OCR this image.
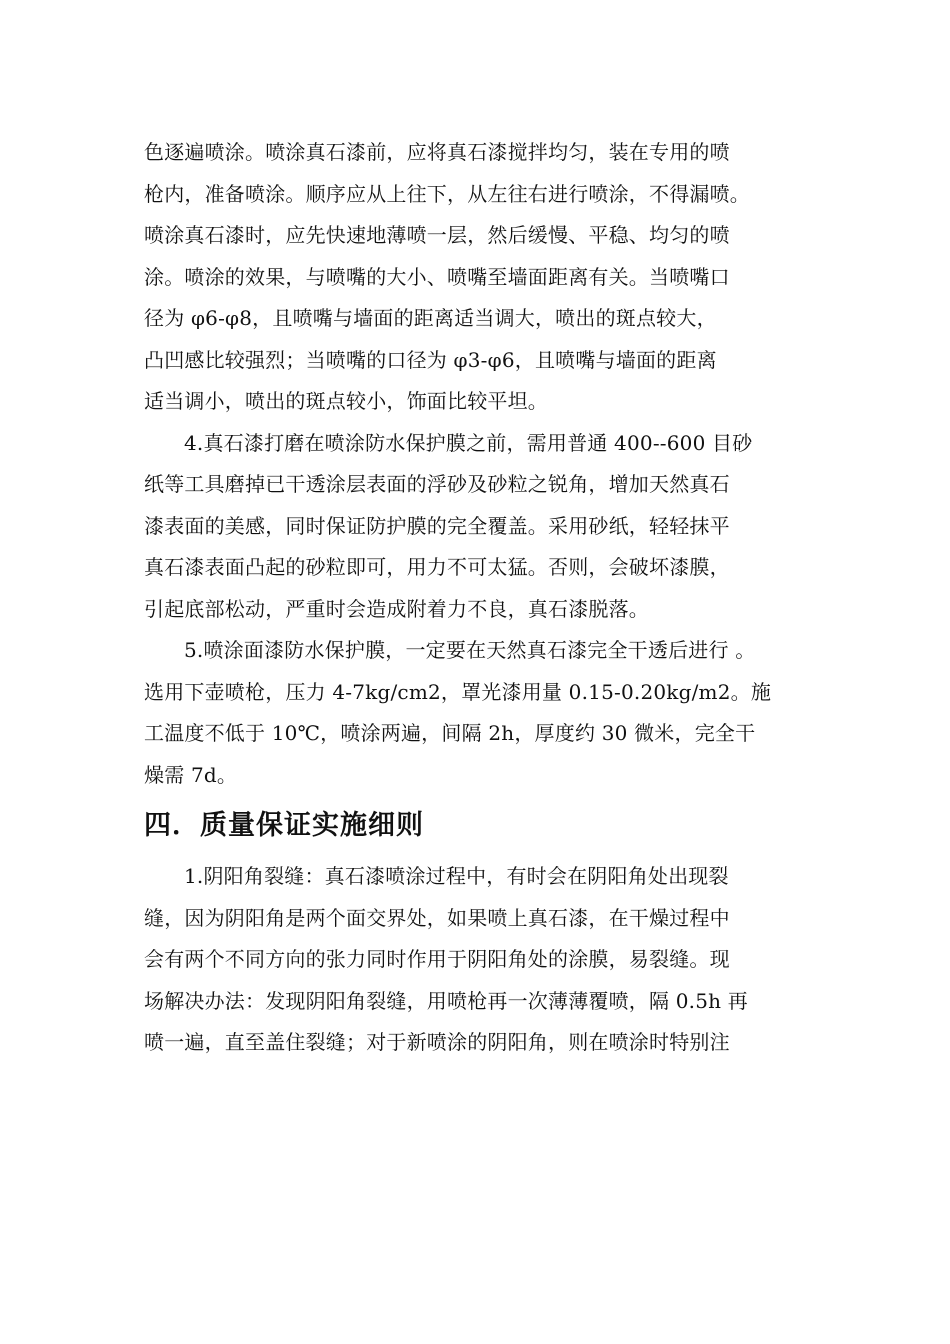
色逐遍喷涂。喷涂真石漆前，应将真石漆搅拌均匀，装在专用的喷
枪内，准备喷涂。顺序应从上往下，从左往右进行喷涂，不得漏喷。
喷涂真石漆时，应先快速地薄喷一层，然后缓慢、平稳、均匀的喷
涂。喷涂的效果，与喷嘴的大小、喷嘴至墙面距离有关。当喷嘴口
径为 φ6-φ8，且喷嘴与墙面的距离适当调大，喷出的斑点较大，
凸凹感比较强烈；当喷嘴的口径为 φ3-φ6，且喷嘴与墙面的距离
适当调小，喷出的斑点较小，饰面比较平坦。
4.真石漆打磨在喷涂防水保护膜之前，需用普通 400--600 目砂
纸等工具磨掉已干透涂层表面的浮砂及砂粒之锐角，增加天然真石
漆表面的美感，同时保证防护膜的完全覆盖。采用砂纸，轻轻抹平
真石漆表面凸起的砂粒即可，用力不可太猛。否则，会破坏漆膜，
引起底部松动，严重时会造成附着力不良，真石漆脱落。
5.喷涂面漆防水保护膜，一定要在天然真石漆完全干透后进行 。
选用下壶喷枪，压力 4-7kg/cm2，罩光漆用量 0.15-0.20kg/m2。施
工温度不低于 10℃，喷涂两遍，间隔 2h，厚度约 30 微米，完全干
燥需 7d。
四．质量保证实施细则
1.阴阳角裂缝：真石漆喷涂过程中，有时会在阴阳角处出现裂
缝，因为阴阳角是两个面交界处，如果喷上真石漆，在干燥过程中
会有两个不同方向的张力同时作用于阴阳角处的涂膜，易裂缝。现
场解决办法：发现阴阳角裂缝，用喷枪再一次薄薄覆喷，隔 0.5h 再
喷一遍，直至盖住裂缝；对于新喷涂的阴阳角，则在喷涂时特别注
